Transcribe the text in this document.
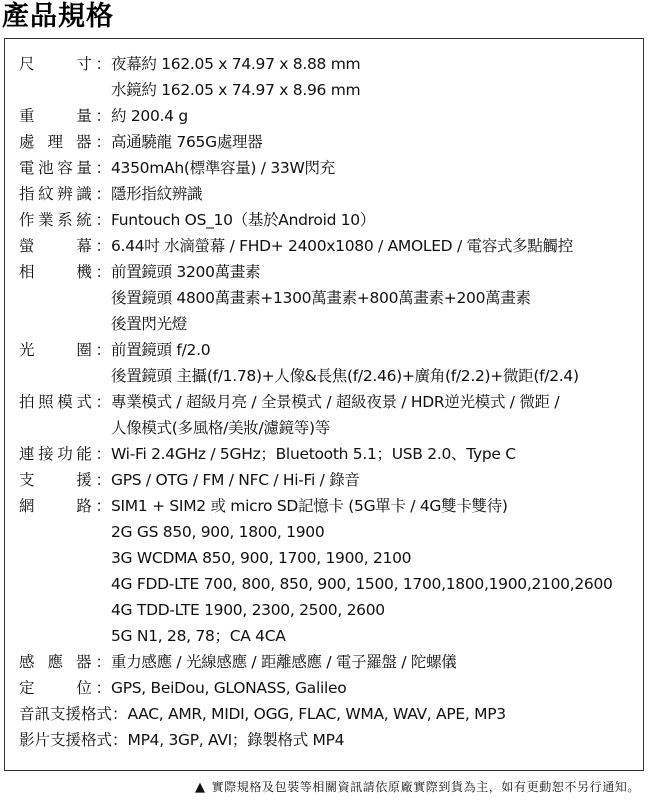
產品規格
尺　　寸： 夜幕約 162.05 x 74.97 x 8.88 mm
水鏡約 162.05 x 74.97 x 8.96 mm
重　　量： 約 200.4 g
處 理 器： 高通驍龍 765G處理器
電池容量： 4350mAh(標準容量) / 33W閃充
指紋辨識： 隱形指紋辨識
作業系統： Funtouch OS_10（基於Android 10）
螢　　幕： 6.44吋 水滴螢幕 / FHD+ 2400x1080 / AMOLED / 電容式多點觸控
相　　機： 前置鏡頭 3200萬畫素
後置鏡頭 4800萬畫素+1300萬畫素+800萬畫素+200萬畫素
後置閃光燈
光　　圈： 前置鏡頭 f/2.0
後置鏡頭 主攝(f/1.78)+人像&長焦(f/2.46)+廣角(f/2.2)+微距(f/2.4)
拍照模式： 專業模式 / 超級月亮 / 全景模式 / 超級夜景 / HDR逆光模式 / 微距 /
人像模式(多風格/美妝/濾鏡等)等
連接功能： Wi-Fi 2.4GHz / 5GHz；Bluetooth 5.1；USB 2.0、Type C
支　　援： GPS / OTG / FM / NFC / Hi-Fi / 錄音
網　　路： SIM1 + SIM2 或 micro SD記憶卡 (5G單卡 / 4G雙卡雙待)
2G GS 850, 900, 1800, 1900
3G WCDMA 850, 900, 1700, 1900, 2100
4G FDD-LTE 700, 800, 850, 900, 1500, 1700,1800,1900,2100,2600
4G TDD-LTE 1900, 2300, 2500, 2600
5G N1, 28, 78；CA 4CA
感 應 器： 重力感應 / 光線感應 / 距離感應 / 電子羅盤 / 陀螺儀
定　　位： GPS, BeiDou, GLONASS, Galileo
音訊支援格式： AAC, AMR, MIDI, OGG, FLAC, WMA, WAV, APE, MP3
影片支援格式： MP4, 3GP, AVI；錄製格式 MP4
▲ 實際規格及包裝等相關資訊請依原廠實際到貨為主，如有更動恕不另行通知。
